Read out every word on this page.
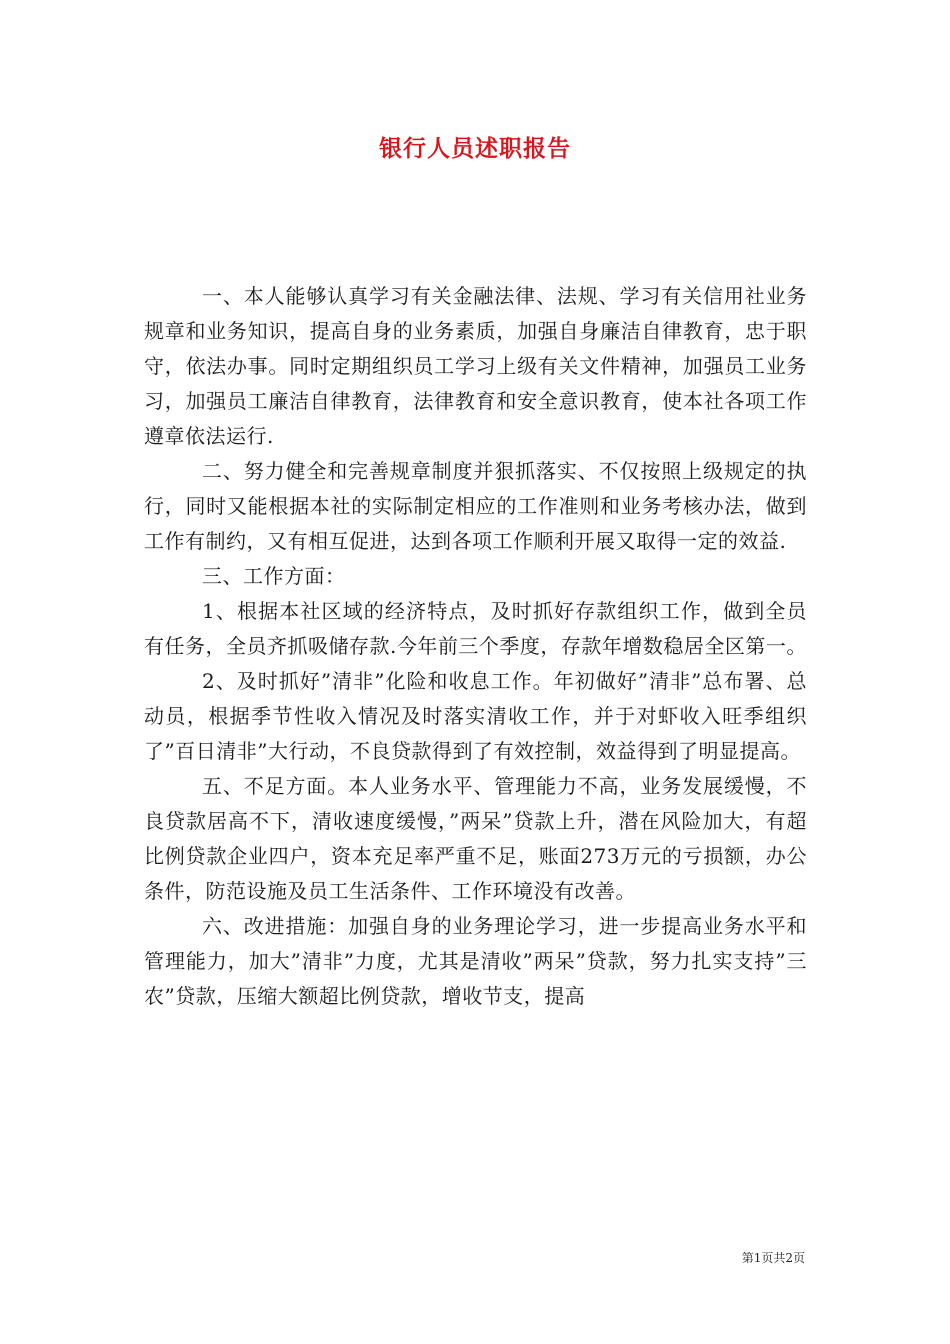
银行人员述职报告

一、本人能够认真学习有关金融法律、法规、学习有关信用社业务规章和业务知识，提高自身的业务素质，加强自身廉洁自律教育，忠于职守，依法办事。同时定期组织员工学习上级有关文件精神，加强员工业务习，加强员工廉洁自律教育，法律教育和安全意识教育，使本社各项工作遵章依法运行.

二、努力健全和完善规章制度并狠抓落实、不仅按照上级规定的执行，同时又能根据本社的实际制定相应的工作准则和业务考核办法，做到工作有制约，又有相互促进，达到各项工作顺利开展又取得一定的效益.

三、工作方面：

1、根据本社区域的经济特点，及时抓好存款组织工作，做到全员有任务，全员齐抓吸储存款.今年前三个季度，存款年增数稳居全区第一。

2、及时抓好”清非”化险和收息工作。年初做好”清非”总布署、总动员，根据季节性收入情况及时落实清收工作，并于对虾收入旺季组织了”百日清非”大行动，不良贷款得到了有效控制，效益得到了明显提高。

五、不足方面。本人业务水平、管理能力不高，业务发展缓慢，不良贷款居高不下，清收速度缓慢，”两呆”贷款上升，潜在风险加大，有超比例贷款企业四户，资本充足率严重不足，账面273万元的亏损额，办公条件，防范设施及员工生活条件、工作环境没有改善。

六、改进措施：加强自身的业务理论学习，进一步提高业务水平和管理能力，加大”清非”力度，尤其是清收”两呆”贷款，努力扎实支持”三农”贷款，压缩大额超比例贷款，增收节支，提高

第1页共2页
